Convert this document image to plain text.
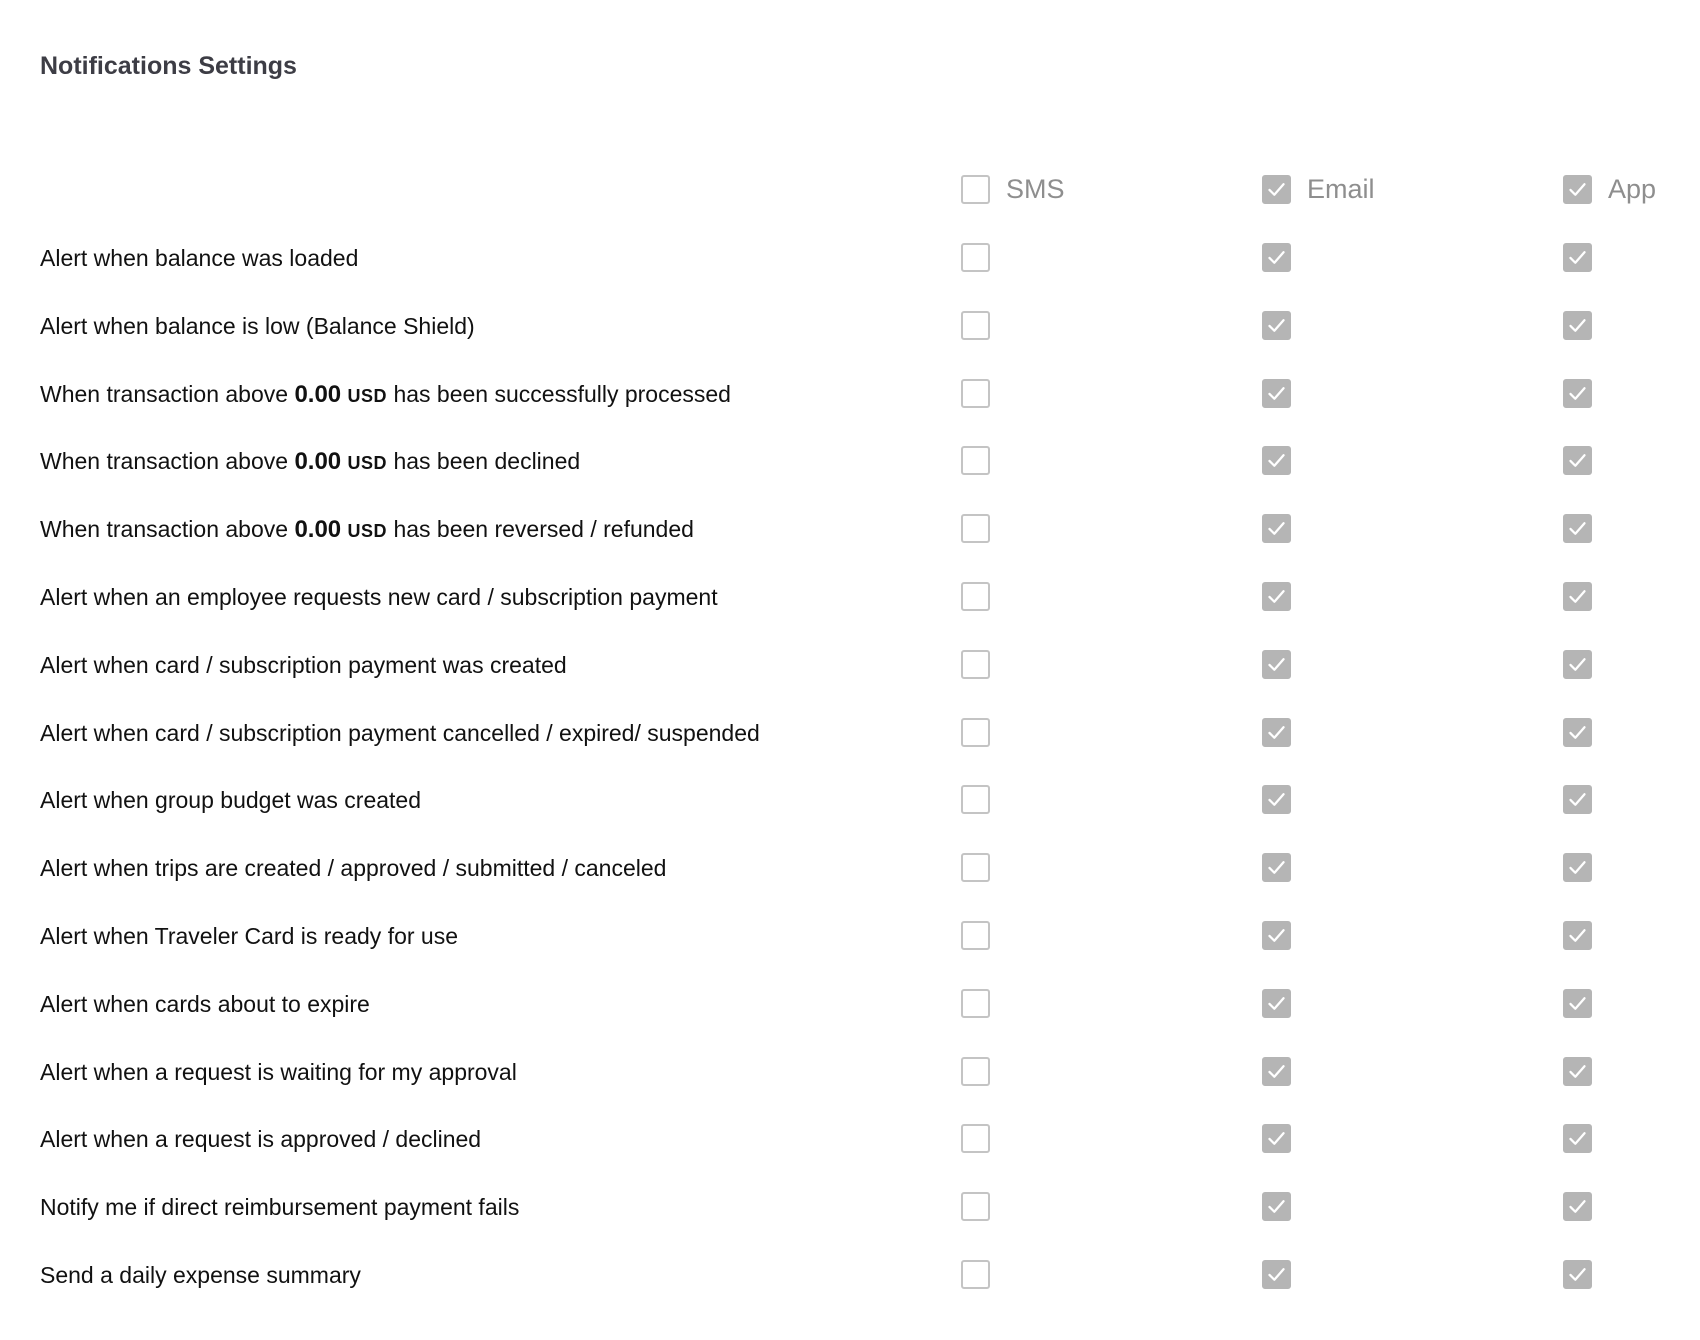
Notifications Settings
SMS	Email	App
Alert when balance was loaded
Alert when balance is low (Balance Shield)
When transaction above 0.00 USD has been successfully processed
When transaction above 0.00 USD has been declined
When transaction above 0.00 USD has been reversed / refunded
Alert when an employee requests new card / subscription payment
Alert when card / subscription payment was created
Alert when card / subscription payment cancelled / expired/ suspended
Alert when group budget was created
Alert when trips are created / approved / submitted / canceled
Alert when Traveler Card is ready for use
Alert when cards about to expire
Alert when a request is waiting for my approval
Alert when a request is approved / declined
Notify me if direct reimbursement payment fails
Send a daily expense summary
